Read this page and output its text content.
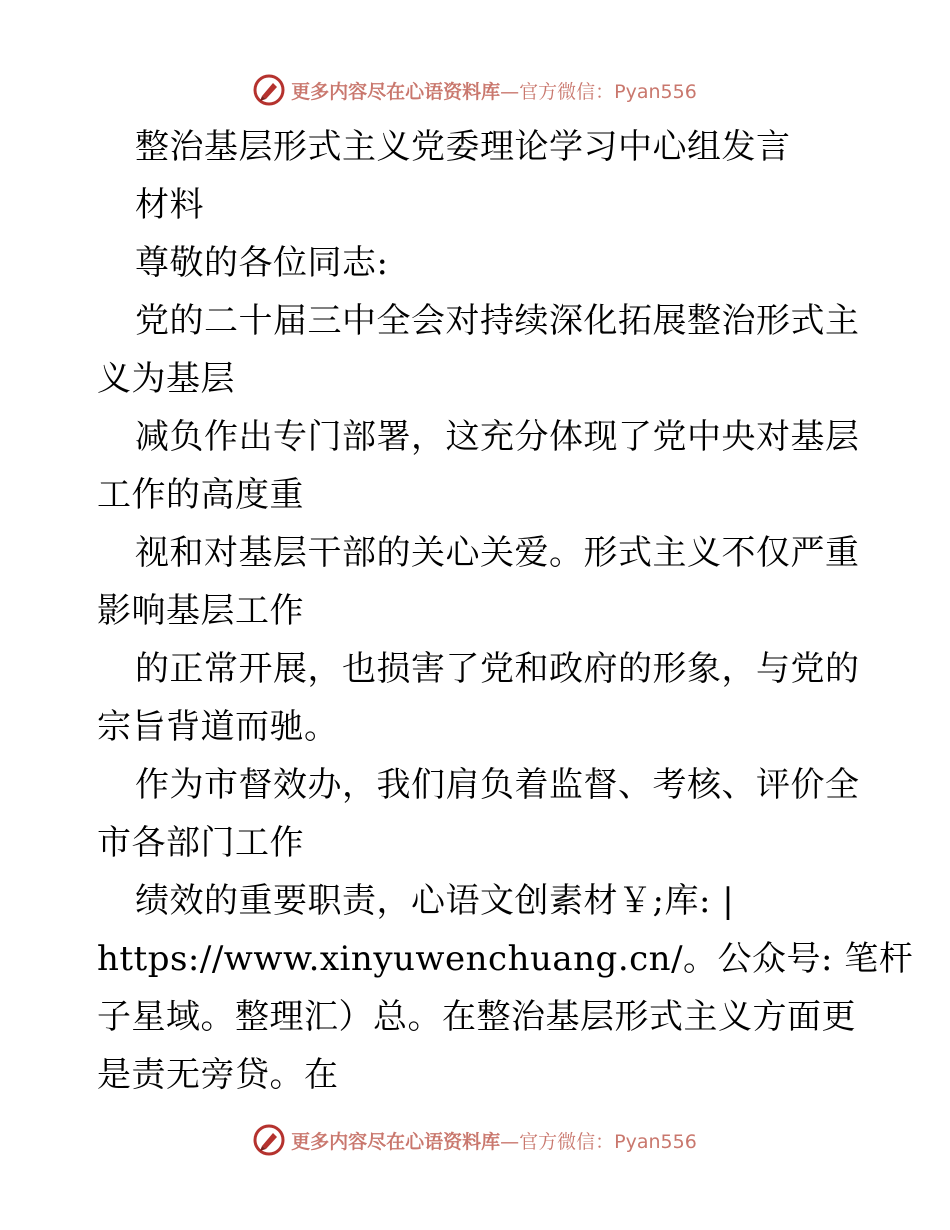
更多内容尽在心语资料库 —官方微信：Pyan556
整治基层形式主义党委理论学习中心组发言
材料
尊敬的各位同志:
党的二十届三中全会对持续深化拓展整治形式主
义为基层
减负作出专门部署，这充分体现了党中央对基层
工作的高度重
视和对基层干部的关心关爱。形式主义不仅严重
影响基层工作
的正常开展，也损害了党和政府的形象，与党的
宗旨背道而驰。
作为市督效办，我们肩负着监督、考核、评价全
市各部门工作
绩效的重要职责，心语文创素材￥;库: |
https://www.xinyuwenchuang.cn/。公众号: 笔杆
子星域。整理汇）总。在整治基层形式主义方面更
是责无旁贷。在
更多内容尽在心语资料库 —官方微信：Pyan556
